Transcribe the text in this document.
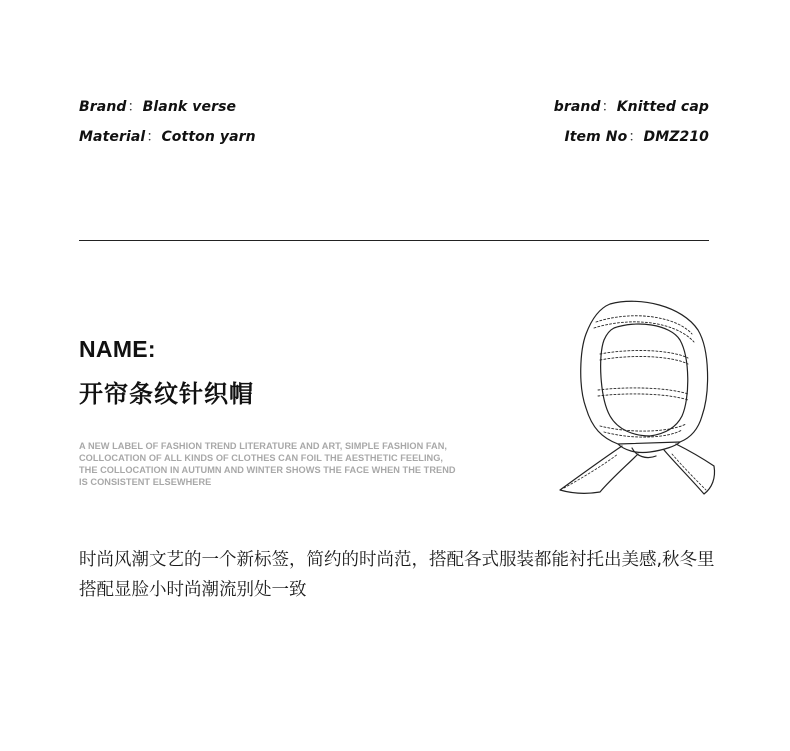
Brand ： Blank verse
Material ： Cotton yarn
brand ： Knitted cap
Item No ： DMZ210
NAME:
开帘条纹针织帽
A NEW LABEL OF FASHION TREND LITERATURE AND ART, SIMPLE FASHION FAN, COLLOCATION OF ALL KINDS OF CLOTHES CAN FOIL THE AESTHETIC FEELING, THE COLLOCATION IN AUTUMN AND WINTER SHOWS THE FACE WHEN THE TREND IS CONSISTENT ELSEWHERE
时尚风潮文艺的一个新标签，简约的时尚范，搭配各式服装都能衬托出美感,秋冬里搭配显脸小时尚潮流别处一致
